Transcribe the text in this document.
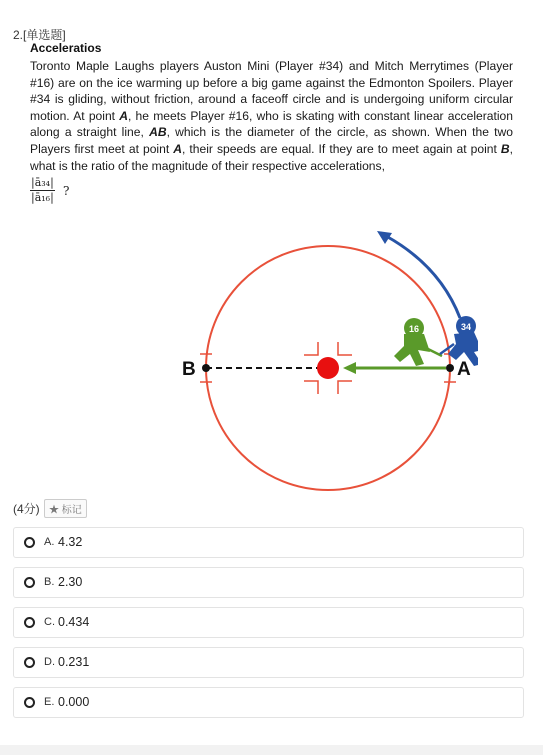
2.[单选题]
Acceleratios
Toronto Maple Laughs players Auston Mini (Player #34) and Mitch Merrytimes (Player #16) are on the ice warming up before a big game against the Edmonton Spoilers. Player #34 is gliding, without friction, around a faceoff circle and is undergoing uniform circular motion. At point A, he meets Player #16, who is skating with constant linear acceleration along a straight line, AB, which is the diameter of the circle, as shown. When the two Players first meet at point A, their speeds are equal. If they are to meet again at point B, what is the ratio of the magnitude of their respective accelerations,
|ā₃₄|
|ā₁₆| ?
16	34
B	A
(4分) ★ 标记
A. 4.32
B. 2.30
C. 0.434
D. 0.231
E. 0.000
